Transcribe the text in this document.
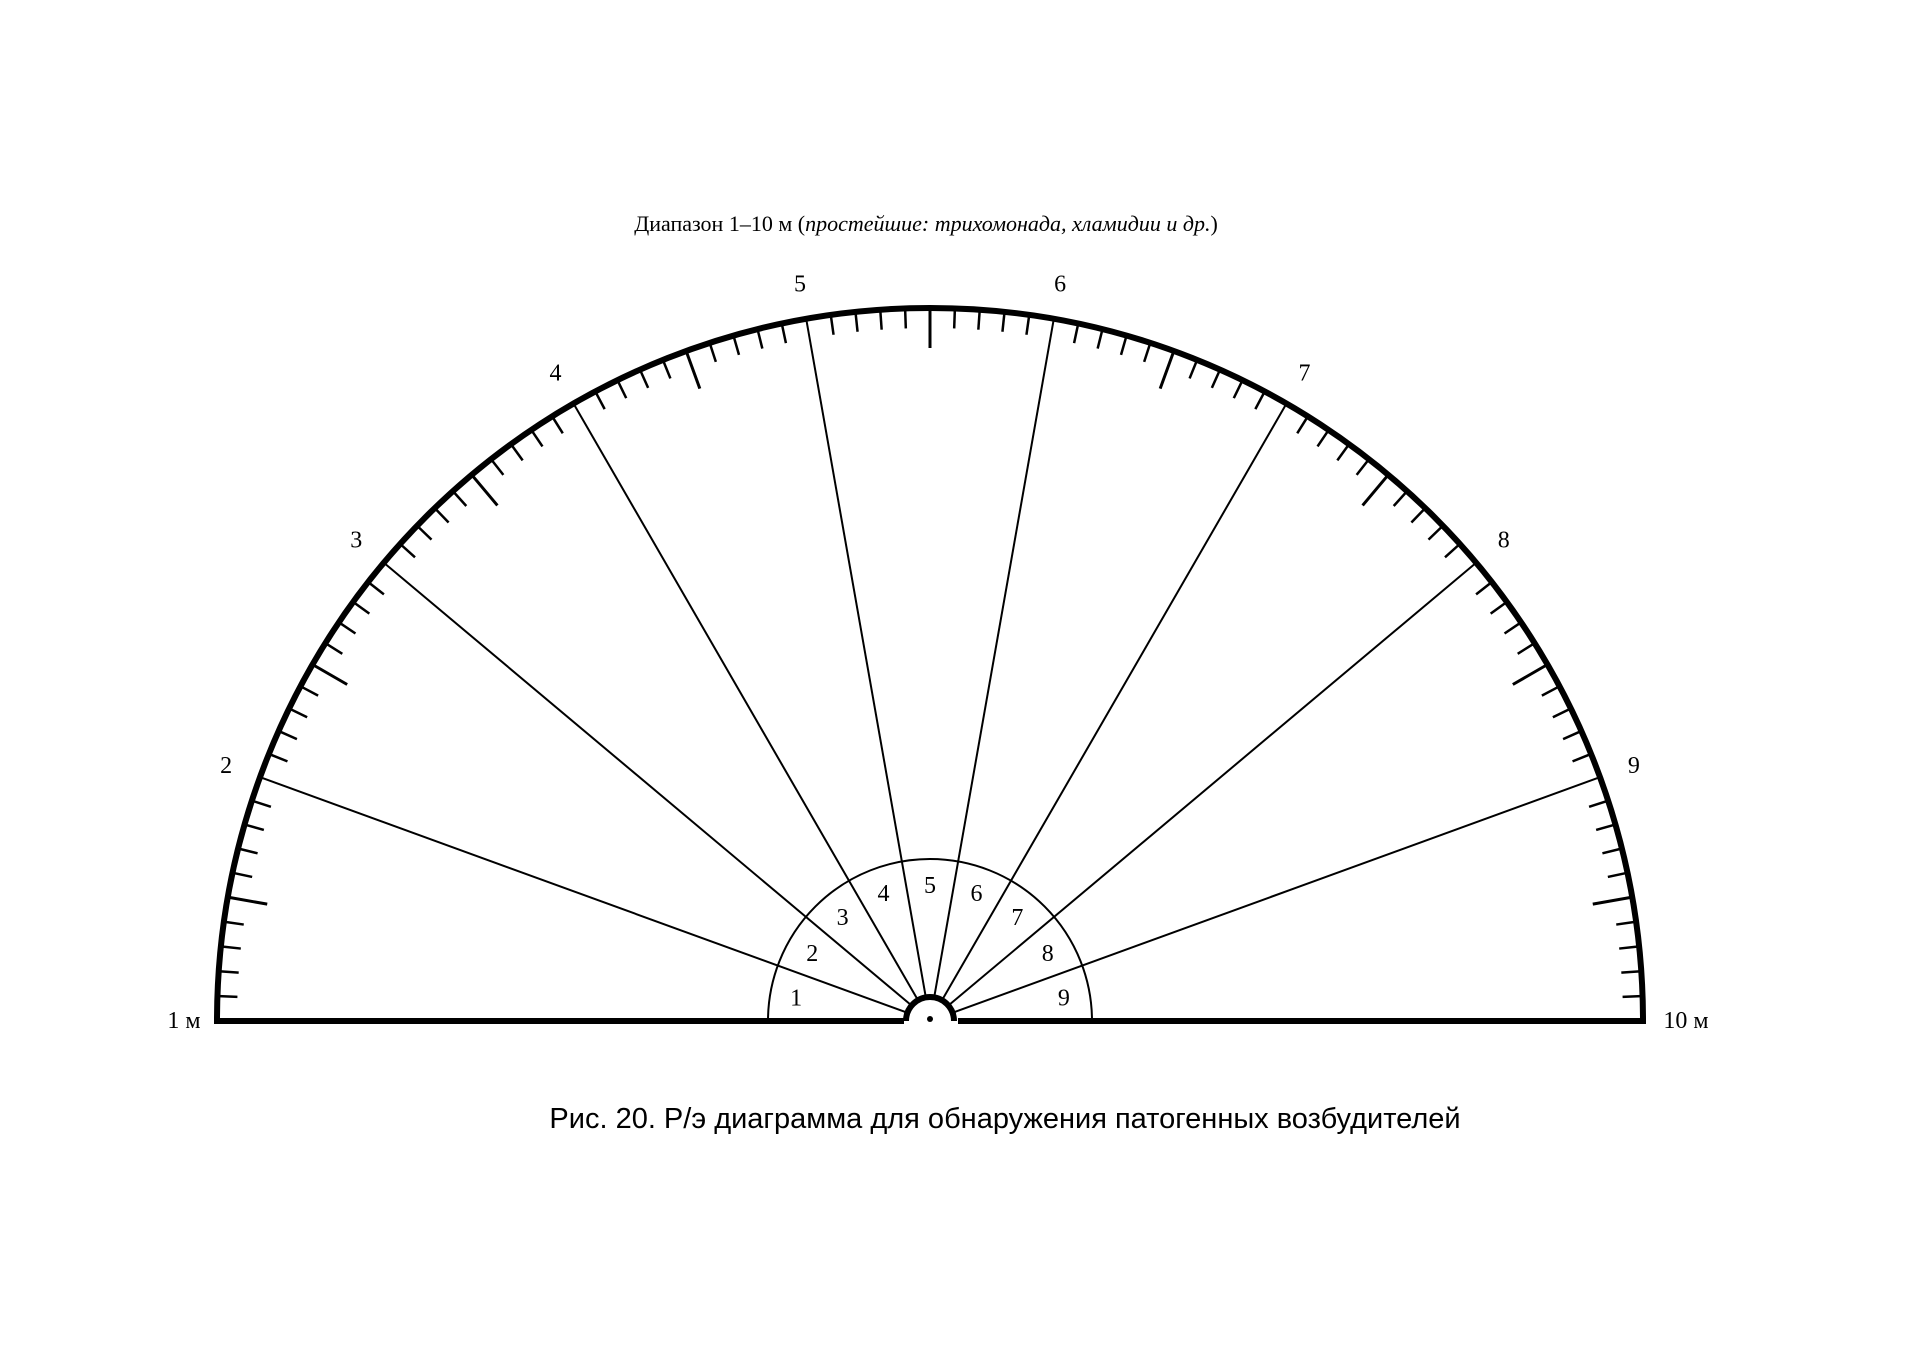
Диапазон 1–10 м (простейшие: трихомонада, хламидии и др.)
2
3
4
5	6
7
8
9
1
2
3
4 5 6
7
8
9
1 м	10 м
Рис. 20. Р/э диаграмма для обнаружения патогенных возбудителей
